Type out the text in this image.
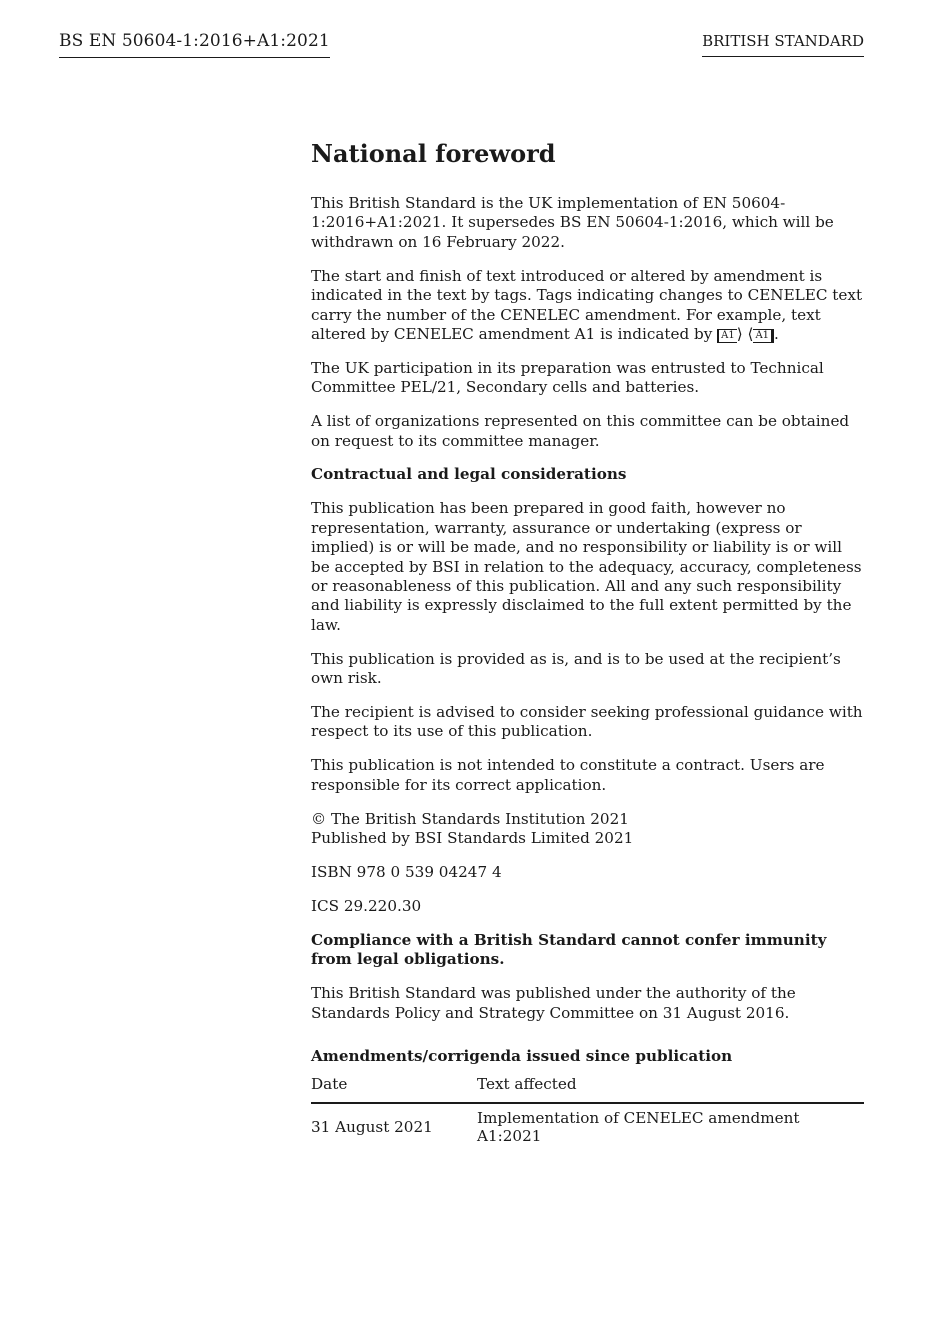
BS EN 50604-1:2016+A1:2021	BRITISH STANDARD
National foreword

This British Standard is the UK implementation of EN 50604-1:2016+A1:2021. It supersedes BS EN 50604-1:2016, which will be withdrawn on 16 February 2022.

The start and finish of text introduced or altered by amendment is indicated in the text by tags. Tags indicating changes to CENELEC text carry the number of the CENELEC amendment. For example, text altered by CENELEC amendment A1 is indicated by A1 ⟩ ⟨ A1 .

The UK participation in its preparation was entrusted to Technical Committee PEL/21, Secondary cells and batteries.

A list of organizations represented on this committee can be obtained on request to its committee manager.

Contractual and legal considerations

This publication has been prepared in good faith, however no representation, warranty, assurance or undertaking (express or implied) is or will be made, and no responsibility or liability is or will be accepted by BSI in relation to the adequacy, accuracy, completeness or reasonableness of this publication. All and any such responsibility and liability is expressly disclaimed to the full extent permitted by the law.

This publication is provided as is, and is to be used at the recipient’s own risk.

The recipient is advised to consider seeking professional guidance with respect to its use of this publication.

This publication is not intended to constitute a contract. Users are responsible for its correct application.

© The British Standards Institution 2021
Published by BSI Standards Limited 2021

ISBN 978 0 539 04247 4

ICS 29.220.30

Compliance with a British Standard cannot confer immunity from legal obligations.

This British Standard was published under the authority of the Standards Policy and Strategy Committee on 31 August 2016.

Amendments/corrigenda issued since publication
Date	Text affected
31 August 2021	Implementation of CENELEC amendment A1:2021
